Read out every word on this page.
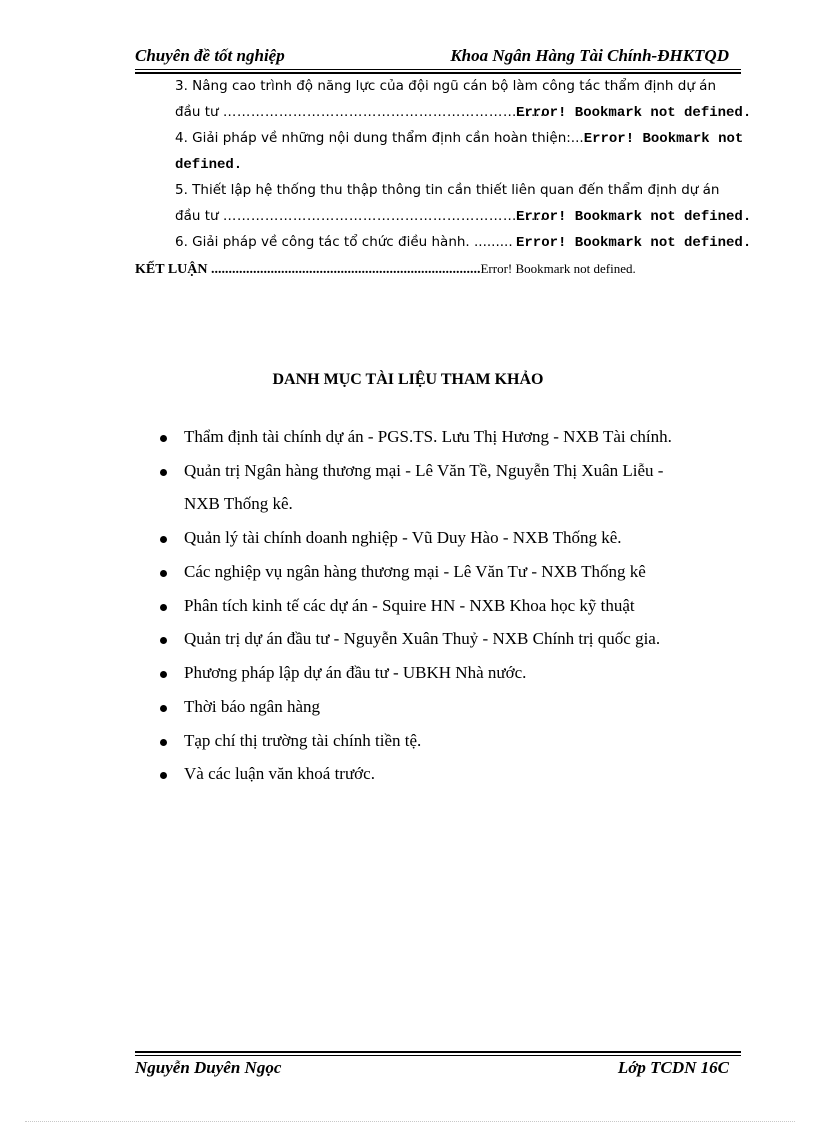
Chuyên đề tốt nghiệp	Khoa Ngân Hàng Tài Chính-ĐHKTQD
3. Nâng cao trình độ năng lực của đội ngũ cán bộ làm công tác thẩm định dự án
đầu tư ……………………………………………………………
Error! Bookmark not defined.
4. Giải pháp về những nội dung thẩm định cần hoàn thiện:...Error! Bookmark not
defined.
5. Thiết lập hệ thống thu thập thông tin cần thiết liên quan đến thẩm định dự án
đầu tư ……………………………………………………………
Error! Bookmark not defined.
6. Giải pháp về công tác tổ chức điều hành. ......... Error! Bookmark not defined.
KẾT LUẬN .............................................................................Error! Bookmark not defined.
DANH MỤC TÀI LIỆU THAM KHẢO
Thẩm định tài chính dự án - PGS.TS. Lưu Thị Hương - NXB Tài chính.
Quản trị Ngân hàng thương mại - Lê Văn Tề, Nguyễn Thị Xuân Liễu -
NXB Thống kê.
Quản lý tài chính doanh nghiệp - Vũ Duy Hào - NXB Thống kê.
Các nghiệp vụ ngân hàng thương mại - Lê Văn Tư - NXB Thống kê
Phân tích kinh tế các dự án - Squire HN - NXB Khoa học kỹ thuật
Quản trị dự án đầu tư - Nguyễn Xuân Thuỷ - NXB Chính trị quốc gia.
Phương pháp lập dự án đầu tư - UBKH Nhà nước.
Thời báo ngân hàng
Tạp chí thị trường tài chính tiền tệ.
Và các luận văn khoá trước.
Nguyễn Duyên Ngọc	Lớp TCDN 16C
